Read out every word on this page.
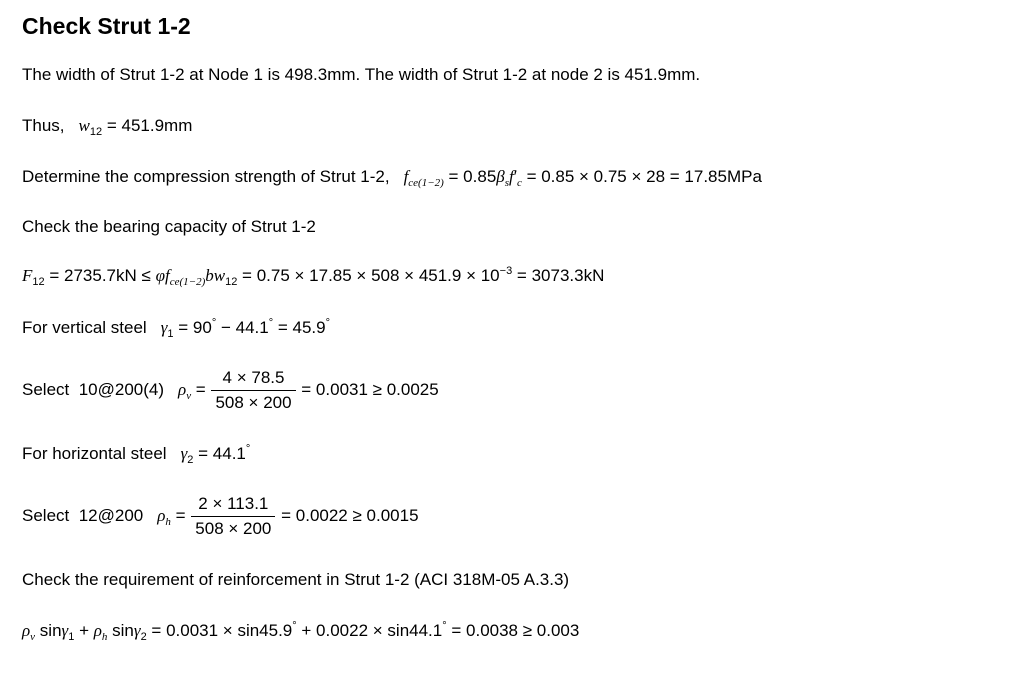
Check Strut 1-2
The width of Strut 1-2 at Node 1 is 498.3mm. The width of Strut 1-2 at node 2 is 451.9mm.
Thus, $w_{12} = 451.9mm$
Determine the compression strength of Strut 1-2, $f_{ce(1-2)} = 0.85\beta_sf'_c = 0.85 \times 0.75 \times 28 = 17.85MPa$
Check the bearing capacity of Strut 1-2
$F_{12} = 2735.7kN \le \varphi f_{ce(1-2)}bw_{12} = 0.75 \times 17.85 \times 508 \times 451.9 \times 10^{-3} = 3073.3kN$
For vertical steel $\gamma_1 = 90^\circ - 44.1^\circ = 45.9^\circ$
Select  10@200(4) $\rho_v = \frac{4 \times 78.5}{508 \times 200} = 0.0031 \ge 0.0025$
For horizontal steel $\gamma_2 = 44.1^\circ$
Select  12@200 $\rho_h = \frac{2 \times 113.1}{508 \times 200} = 0.0022 \ge 0.0015$
Check the requirement of reinforcement in Strut 1-2 (ACI 318M-05 A.3.3)
$\rho_v$ $\sin\gamma_1 + \rho_h$ sinγ$_2$ = 0.0031 × sin45.9° + 0.0022 × sin44.1° = 0.0038 ≥ 0.003
